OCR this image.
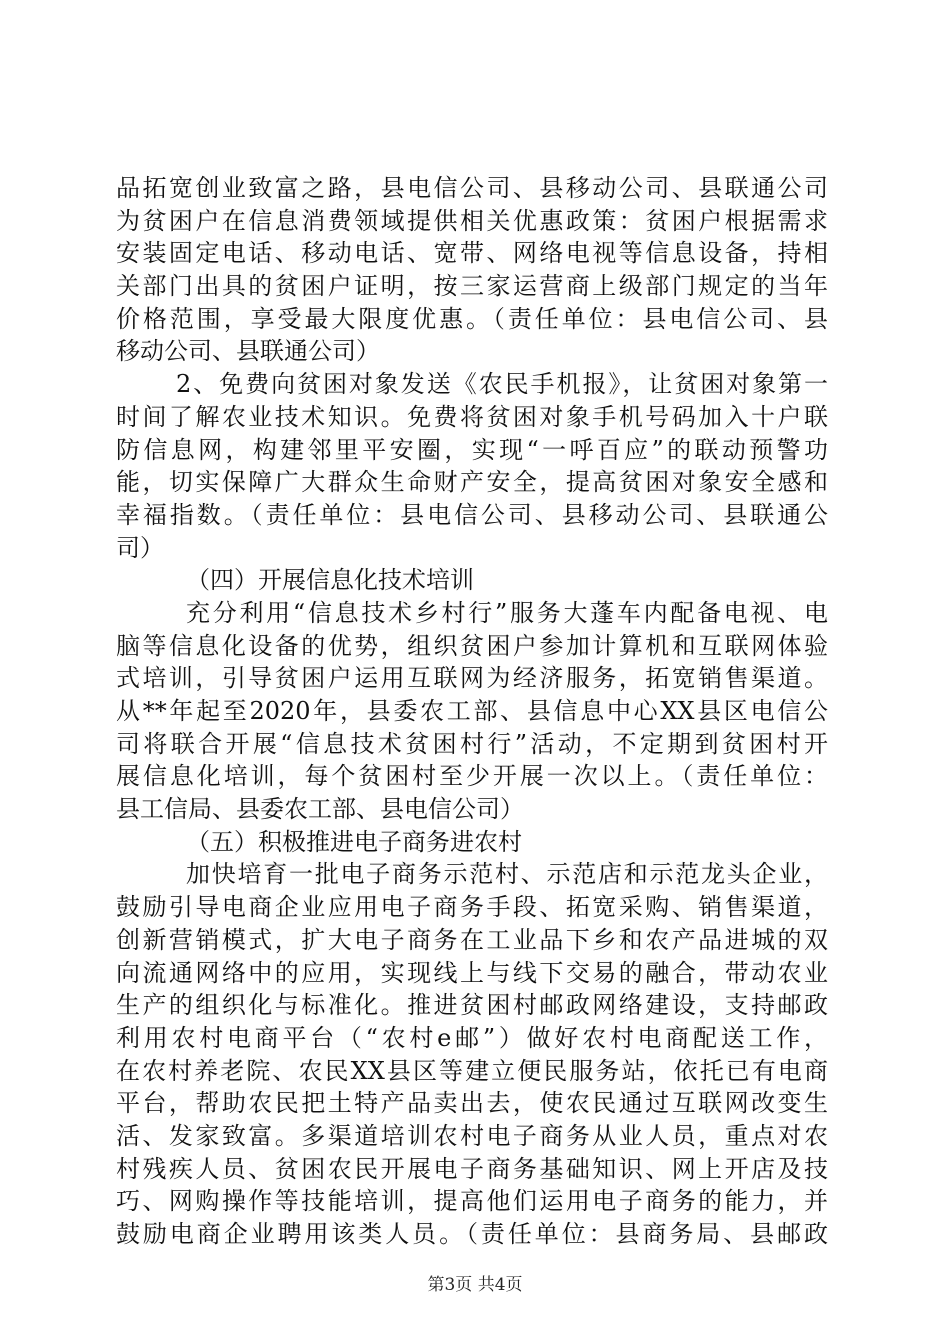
品拓宽创业致富之路，县电信公司、县移动公司、县联通公司
为贫困户在信息消费领域提供相关优惠政策：贫困户根据需求
安装固定电话、移动电话、宽带、网络电视等信息设备，持相
关部门出具的贫困户证明，按三家运营商上级部门规定的当年
价格范围，享受最大限度优惠。（责任单位：县电信公司、县
移动公司、县联通公司）
2、免费向贫困对象发送《农民手机报》，让贫困对象第一
时间了解农业技术知识。免费将贫困对象手机号码加入十户联
防信息网，构建邻里平安圈，实现“一呼百应”的联动预警功
能，切实保障广大群众生命财产安全，提高贫困对象安全感和
幸福指数。（责任单位：县电信公司、县移动公司、县联通公
司）
（四）开展信息化技术培训
充分利用“信息技术乡村行”服务大蓬车内配备电视、电
脑等信息化设备的优势，组织贫困户参加计算机和互联网体验
式培训，引导贫困户运用互联网为经济服务，拓宽销售渠道。
从**年起至2020年，县委农工部、县信息中心XX县区电信公
司将联合开展“信息技术贫困村行”活动，不定期到贫困村开
展信息化培训，每个贫困村至少开展一次以上。（责任单位：
县工信局、县委农工部、县电信公司）
（五）积极推进电子商务进农村
加快培育一批电子商务示范村、示范店和示范龙头企业，
鼓励引导电商企业应用电子商务手段、拓宽采购、销售渠道，
创新营销模式，扩大电子商务在工业品下乡和农产品进城的双
向流通网络中的应用，实现线上与线下交易的融合，带动农业
生产的组织化与标准化。推进贫困村邮政网络建设，支持邮政
利用农村电商平台（“农村e邮”）做好农村电商配送工作，
在农村养老院、农民XX县区等建立便民服务站，依托已有电商
平台，帮助农民把土特产品卖出去，使农民通过互联网改变生
活、发家致富。多渠道培训农村电子商务从业人员，重点对农
村残疾人员、贫困农民开展电子商务基础知识、网上开店及技
巧、网购操作等技能培训，提高他们运用电子商务的能力，并
鼓励电商企业聘用该类人员。（责任单位：县商务局、县邮政
第3页 共4页
